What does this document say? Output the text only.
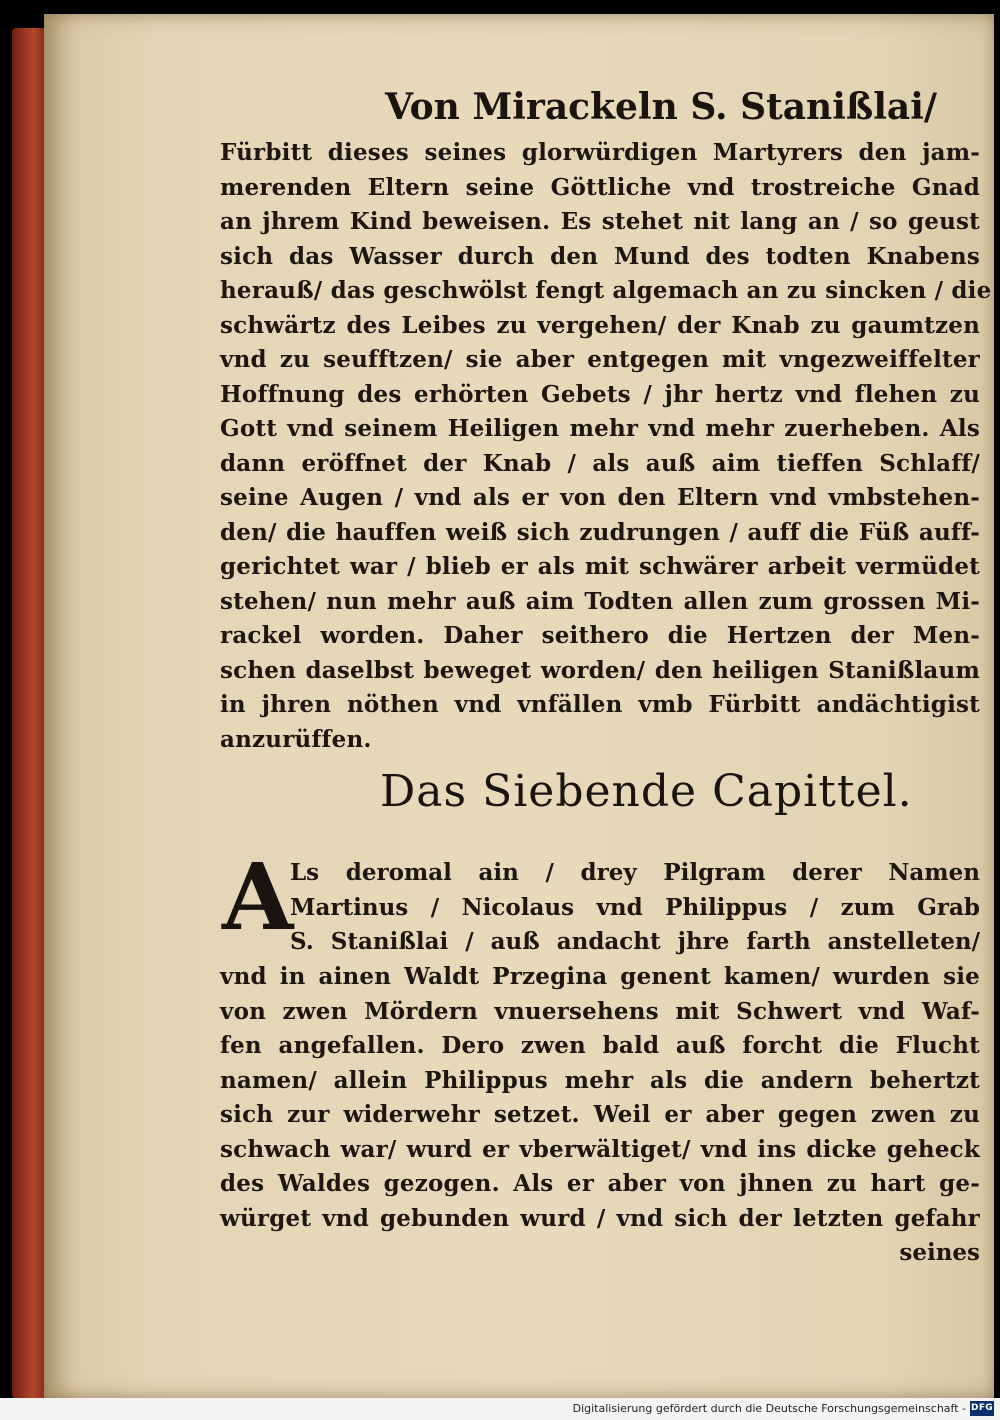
Von Mirackeln S. Stanißlai/
Fürbitt dieses seines glorwürdigen Martyrers den jam-
merenden Eltern seine Göttliche vnd trostreiche Gnad
an jhrem Kind beweisen. Es stehet nit lang an / so geust
sich das Wasser durch den Mund des todten Knabens
herauß/ das geschwölst fengt algemach an zu sincken / die
schwärtz des Leibes zu vergehen/ der Knab zu gaumtzen
vnd zu seufftzen/ sie aber entgegen mit vngezweiffelter
Hoffnung des erhörten Gebets / jhr hertz vnd flehen zu
Gott vnd seinem Heiligen mehr vnd mehr zuerheben. Als
dann eröffnet der Knab / als auß aim tieffen Schlaff/
seine Augen / vnd als er von den Eltern vnd vmbstehen-
den/ die hauffen weiß sich zudrungen / auff die Füß auff-
gerichtet war / blieb er als mit schwärer arbeit vermüdet
stehen/ nun mehr auß aim Todten allen zum grossen Mi-
rackel worden. Daher seithero die Hertzen der Men-
schen daselbst beweget worden/ den heiligen Stanißlaum
in jhren nöthen vnd vnfällen vmb Fürbitt andächtigist
anzurüffen.
Das Siebende Capittel.
A
Ls deromal ain / drey Pilgram derer Namen
Martinus / Nicolaus vnd Philippus / zum Grab
S. Stanißlai / auß andacht jhre farth anstelleten/
vnd in ainen Waldt Przegina genent kamen/ wurden sie
von zwen Mördern vnuersehens mit Schwert vnd Waf-
fen angefallen. Dero zwen bald auß forcht die Flucht
namen/ allein Philippus mehr als die andern behertzt
sich zur widerwehr setzet. Weil er aber gegen zwen zu
schwach war/ wurd er vberwältiget/ vnd ins dicke geheck
des Waldes gezogen. Als er aber von jhnen zu hart ge-
würget vnd gebunden wurd / vnd sich der letzten gefahr
seines
Digitalisierung gefördert durch die Deutsche Forschungsgemeinschaft - DFG
